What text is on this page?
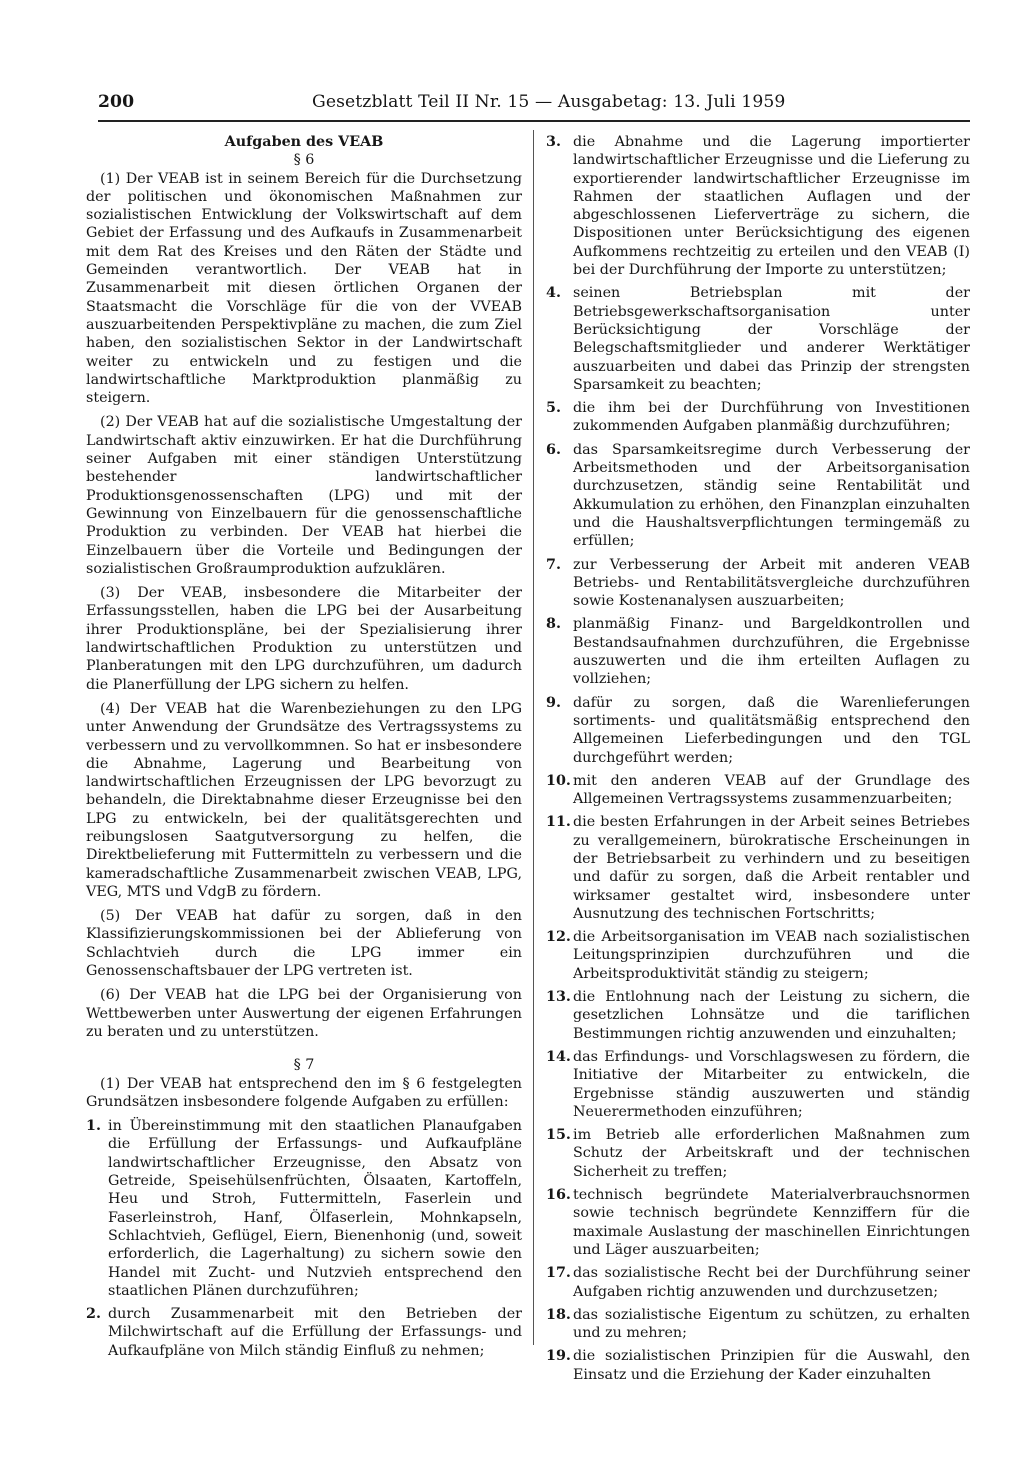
200	Gesetzblatt Teil II Nr. 15 — Ausgabetag: 13. Juli 1959

Aufgaben des VEAB

§ 6

(1) Der VEAB ist in seinem Bereich für die Durchsetzung der politischen und ökonomischen Maßnahmen zur sozialistischen Entwicklung der Volkswirtschaft auf dem Gebiet der Erfassung und des Aufkaufs in Zusammenarbeit mit dem Rat des Kreises und den Räten der Städte und Gemeinden verantwortlich. Der VEAB hat in Zusammenarbeit mit diesen örtlichen Organen der Staatsmacht die Vorschläge für die von der VVEAB auszuarbeitenden Perspektivpläne zu machen, die zum Ziel haben, den sozialistischen Sektor in der Landwirtschaft weiter zu entwickeln und zu festigen und die landwirtschaftliche Marktproduktion planmäßig zu steigern.

(2) Der VEAB hat auf die sozialistische Umgestaltung der Landwirtschaft aktiv einzuwirken. Er hat die Durchführung seiner Aufgaben mit einer ständigen Unterstützung bestehender landwirtschaftlicher Produktionsgenossenschaften (LPG) und mit der Gewinnung von Einzelbauern für die genossenschaftliche Produktion zu verbinden. Der VEAB hat hierbei die Einzelbauern über die Vorteile und Bedingungen der sozialistischen Großraumproduktion aufzuklären.

(3) Der VEAB, insbesondere die Mitarbeiter der Erfassungsstellen, haben die LPG bei der Ausarbeitung ihrer Produktionspläne, bei der Spezialisierung ihrer landwirtschaftlichen Produktion zu unterstützen und Planberatungen mit den LPG durchzuführen, um dadurch die Planerfüllung der LPG sichern zu helfen.

(4) Der VEAB hat die Warenbeziehungen zu den LPG unter Anwendung der Grundsätze des Vertragssystems zu verbessern und zu vervollkommnen. So hat er insbesondere die Abnahme, Lagerung und Bearbeitung von landwirtschaftlichen Erzeugnissen der LPG bevorzugt zu behandeln, die Direktabnahme dieser Erzeugnisse bei den LPG zu entwickeln, bei der qualitätsgerechten und reibungslosen Saatgutversorgung zu helfen, die Direktbelieferung mit Futtermitteln zu verbessern und die kameradschaftliche Zusammenarbeit zwischen VEAB, LPG, VEG, MTS und VdgB zu fördern.

(5) Der VEAB hat dafür zu sorgen, daß in den Klassifizierungskommissionen bei der Ablieferung von Schlachtvieh durch die LPG immer ein Genossenschaftsbauer der LPG vertreten ist.

(6) Der VEAB hat die LPG bei der Organisierung von Wettbewerben unter Auswertung der eigenen Erfahrungen zu beraten und zu unterstützen.

§ 7

(1) Der VEAB hat entsprechend den im § 6 festgelegten Grundsätzen insbesondere folgende Aufgaben zu erfüllen:

1. in Übereinstimmung mit den staatlichen Planaufgaben die Erfüllung der Erfassungs- und Aufkaufpläne landwirtschaftlicher Erzeugnisse, den Absatz von Getreide, Speisehülsenfrüchten, Ölsaaten, Kartoffeln, Heu und Stroh, Futtermitteln, Faserlein und Faserleinstroh, Hanf, Ölfaserlein, Mohnkapseln, Schlachtvieh, Geflügel, Eiern, Bienenhonig (und, soweit erforderlich, die Lagerhaltung) zu sichern sowie den Handel mit Zucht- und Nutzvieh entsprechend den staatlichen Plänen durchzuführen;
2. durch Zusammenarbeit mit den Betrieben der Milchwirtschaft auf die Erfüllung der Erfassungs- und Aufkaufpläne von Milch ständig Einfluß zu nehmen;
3. die Abnahme und die Lagerung importierter landwirtschaftlicher Erzeugnisse und die Lieferung zu exportierender landwirtschaftlicher Erzeugnisse im Rahmen der staatlichen Auflagen und der abgeschlossenen Lieferverträge zu sichern, die Dispositionen unter Berücksichtigung des eigenen Aufkommens rechtzeitig zu erteilen und den VEAB (I) bei der Durchführung der Importe zu unterstützen;
4. seinen Betriebsplan mit der Betriebsgewerkschaftsorganisation unter Berücksichtigung der Vorschläge der Belegschaftsmitglieder und anderer Werktätiger auszuarbeiten und dabei das Prinzip der strengsten Sparsamkeit zu beachten;
5. die ihm bei der Durchführung von Investitionen zukommenden Aufgaben planmäßig durchzuführen;
6. das Sparsamkeitsregime durch Verbesserung der Arbeitsmethoden und der Arbeitsorganisation durchzusetzen, ständig seine Rentabilität und Akkumulation zu erhöhen, den Finanzplan einzuhalten und die Haushaltsverpflichtungen termingemäß zu erfüllen;
7. zur Verbesserung der Arbeit mit anderen VEAB Betriebs- und Rentabilitätsvergleiche durchzuführen sowie Kostenanalysen auszuarbeiten;
8. planmäßig Finanz- und Bargeldkontrollen und Bestandsaufnahmen durchzuführen, die Ergebnisse auszuwerten und die ihm erteilten Auflagen zu vollziehen;
9. dafür zu sorgen, daß die Warenlieferungen sortiments- und qualitätsmäßig entsprechend den Allgemeinen Lieferbedingungen und den TGL durchgeführt werden;
10. mit den anderen VEAB auf der Grundlage des Allgemeinen Vertragssystems zusammenzuarbeiten;
11. die besten Erfahrungen in der Arbeit seines Betriebes zu verallgemeinern, bürokratische Erscheinungen in der Betriebsarbeit zu verhindern und zu beseitigen und dafür zu sorgen, daß die Arbeit rentabler und wirksamer gestaltet wird, insbesondere unter Ausnutzung des technischen Fortschritts;
12. die Arbeitsorganisation im VEAB nach sozialistischen Leitungsprinzipien durchzuführen und die Arbeitsproduktivität ständig zu steigern;
13. die Entlohnung nach der Leistung zu sichern, die gesetzlichen Lohnsätze und die tariflichen Bestimmungen richtig anzuwenden und einzuhalten;
14. das Erfindungs- und Vorschlagswesen zu fördern, die Initiative der Mitarbeiter zu entwickeln, die Ergebnisse ständig auszuwerten und ständig Neuerermethoden einzuführen;
15. im Betrieb alle erforderlichen Maßnahmen zum Schutz der Arbeitskraft und der technischen Sicherheit zu treffen;
16. technisch begründete Materialverbrauchsnormen sowie technisch begründete Kennziffern für die maximale Auslastung der maschinellen Einrichtungen und Läger auszuarbeiten;
17. das sozialistische Recht bei der Durchführung seiner Aufgaben richtig anzuwenden und durchzusetzen;
18. das sozialistische Eigentum zu schützen, zu erhalten und zu mehren;
19. die sozialistischen Prinzipien für die Auswahl, den Einsatz und die Erziehung der Kader einzuhalten
